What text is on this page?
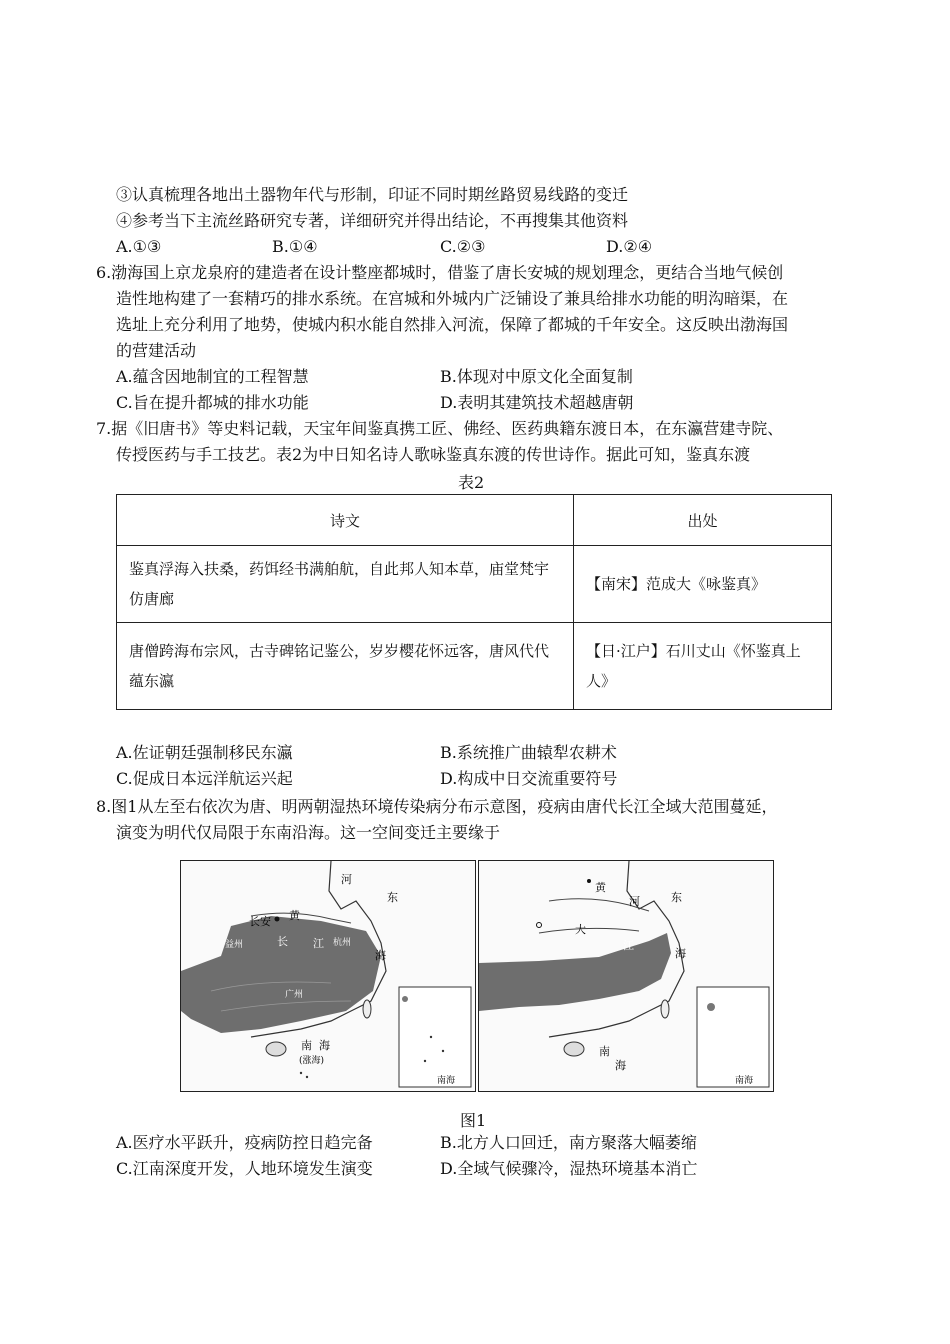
③认真梳理各地出土器物年代与形制，印证不同时期丝路贸易线路的变迁
④参考当下主流丝路研究专著，详细研究并得出结论，不再搜集其他资料
A.①③	B.①④	C.②③	D.②④
6.渤海国上京龙泉府的建造者在设计整座都城时，借鉴了唐长安城的规划理念，更结合当地气候创
造性地构建了一套精巧的排水系统。在宫城和外城内广泛铺设了兼具给排水功能的明沟暗渠，在
选址上充分利用了地势，使城内积水能自然排入河流，保障了都城的千年安全。这反映出渤海国
的营建活动
A.蕴含因地制宜的工程智慧	B.体现对中原文化全面复制
C.旨在提升都城的排水功能	D.表明其建筑技术超越唐朝
7.据《旧唐书》等史料记载，天宝年间鉴真携工匠、佛经、医药典籍东渡日本，在东瀛营建寺院、
传授医药与手工技艺。表2为中日知名诗人歌咏鉴真东渡的传世诗作。据此可知，鉴真东渡
表2
诗文	出处
鉴真浮海入扶桑，药饵经书满舶航，自此邦人知本草，庙堂梵宇仿唐廊	【南宋】范成大《咏鉴真》
唐僧跨海布宗风，古寺碑铭记鉴公，岁岁樱花怀远客，唐风代代蕴东瀛	【日·江户】石川丈山《怀鉴真上人》
A.佐证朝廷强制移民东瀛	B.系统推广曲辕犁农耕术
C.促成日本远洋航运兴起	D.构成中日交流重要符号
8.图1从左至右依次为唐、明两朝湿热环境传染病分布示意图，疫病由唐代长江全域大范围蔓延，
演变为明代仅局限于东南沿海。这一空间变迁主要缘于
长安 黄
河
东
益州	长 江 杭州
海
广州
南 海
(涨海)
南海
黄
河	东
大
江
海
南
海
南海
图1
A.医疗水平跃升，疫病防控日趋完备	B.北方人口回迁，南方聚落大幅萎缩
C.江南深度开发，人地环境发生演变	D.全域气候骤冷，湿热环境基本消亡
